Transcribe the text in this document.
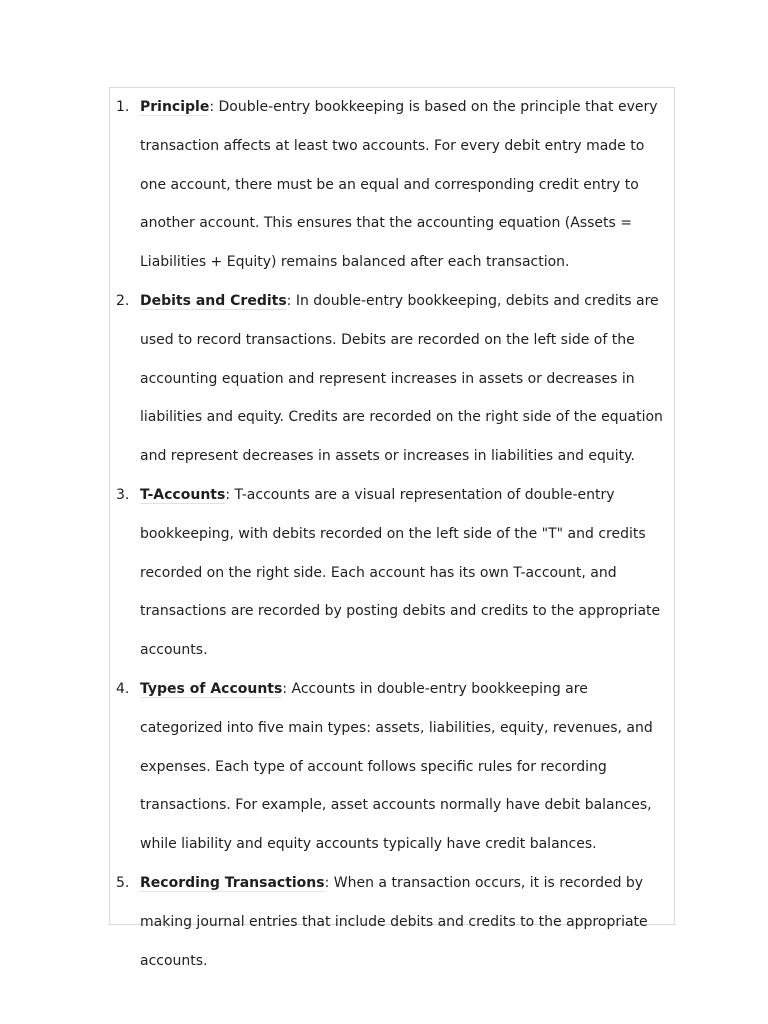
1. Principle: Double-entry bookkeeping is based on the principle that every transaction affects at least two accounts. For every debit entry made to one account, there must be an equal and corresponding credit entry to another account. This ensures that the accounting equation (Assets = Liabilities + Equity) remains balanced after each transaction.
2. Debits and Credits: In double-entry bookkeeping, debits and credits are used to record transactions. Debits are recorded on the left side of the accounting equation and represent increases in assets or decreases in liabilities and equity. Credits are recorded on the right side of the equation and represent decreases in assets or increases in liabilities and equity.
3. T-Accounts: T-accounts are a visual representation of double-entry bookkeeping, with debits recorded on the left side of the "T" and credits recorded on the right side. Each account has its own T-account, and transactions are recorded by posting debits and credits to the appropriate accounts.
4. Types of Accounts: Accounts in double-entry bookkeeping are categorized into five main types: assets, liabilities, equity, revenues, and expenses. Each type of account follows specific rules for recording transactions. For example, asset accounts normally have debit balances, while liability and equity accounts typically have credit balances.
5. Recording Transactions: When a transaction occurs, it is recorded by making journal entries that include debits and credits to the appropriate accounts.
